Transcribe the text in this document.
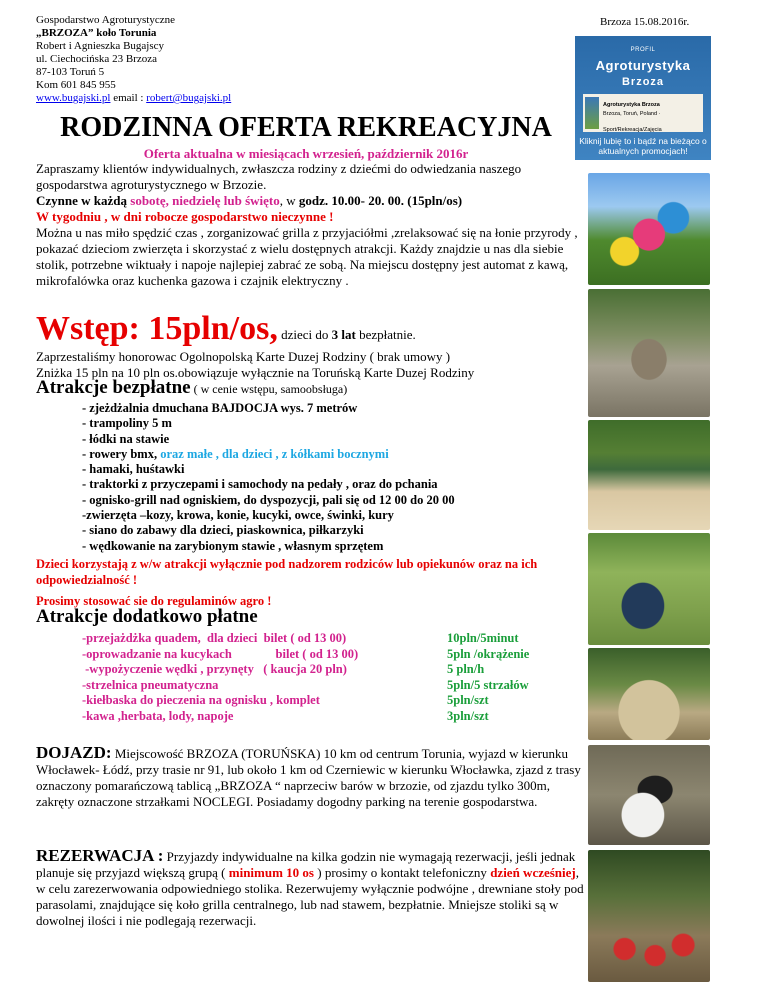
Gospodarstwo Agroturystyczne
„BRZOZA” koło Torunia
Robert i Agnieszka Bugajscy
ul. Ciechocińska 23 Brzoza
87-103 Toruń 5
Kom 601 845 955
www.bugajski.pl email : robert@bugajski.pl
Brzoza 15.08.2016r.
PROFIL
Agroturystyka
Brzoza
Agroturystyka Brzoza
Brzoza, Toruń, Poland · Sport/Rekreacja/Zajęcia
Kliknij lubię to i bądź na bieżąco o aktualnych promocjach!
RODZINNA OFERTA REKREACYJNA
Oferta aktualna w miesiącach wrzesień, październik 2016r
Zapraszamy klientów indywidualnych, zwłaszcza rodziny z dziećmi do odwiedzania naszego gospodarstwa agroturystycznego w Brzozie.
Czynne w każdą sobotę, niedzielę lub święto, w godz. 10.00- 20. 00. (15pln/os)
W tygodniu , w dni robocze gospodarstwo nieczynne !
Można u nas miło spędzić czas , zorganizować grilla z przyjaciółmi ,zrelaksować się na łonie przyrody , pokazać dzieciom zwierzęta i skorzystać z wielu dostępnych atrakcji. Każdy znajdzie u nas dla siebie stolik, potrzebne wiktuały i napoje najlepiej zabrać ze sobą. Na miejscu dostępny jest automat z kawą, mikrofalówka oraz kuchenka gazowa i czajnik elektryczny .
Wstęp: 15pln/os, dzieci do 3 lat bezpłatnie.
Zaprzestaliśmy honorowac Ogolnopolską Karte Duzej Rodziny ( brak umowy )
Zniżka 15 pln na 10 pln os.obowiązuje wyłącznie na Toruńską Karte Duzej Rodziny
Atrakcje bezpłatne ( w cenie wstępu, samoobsługa)
- zjeżdżalnia dmuchana BAJDOCJA wys. 7 metrów
- trampoliny 5 m
- łódki na stawie
- rowery bmx, oraz małe , dla dzieci , z kółkami bocznymi
- hamaki, huśtawki
- traktorki z przyczepami i samochody na pedały , oraz do pchania
- ognisko-grill nad ogniskiem, do dyspozycji, pali się od 12 00 do 20 00
-zwierzęta –kozy, krowa, konie, kucyki, owce, świnki, kury
- siano do zabawy dla dzieci, piaskownica, piłkarzyki
- wędkowanie na zarybionym stawie , własnym sprzętem
Dzieci korzystają z w/w atrakcji wyłącznie pod nadzorem rodziców lub opiekunów oraz na ich odpowiedzialność !
Prosimy stosować sie do regulaminów agro !
Atrakcje dodatkowo płatne
-przejażdżka quadem,  dla dzieci  bilet ( od 13 00)
-oprowadzanie na kucykach              bilet ( od 13 00)
-wypożyczenie wędki , przynęty   ( kaucja 20 pln)
-strzelnica pneumatyczna
-kiełbaska do pieczenia na ognisku , komplet
-kawa ,herbata, lody, napoje
10pln/5minut
5pln /okrążenie
5 pln/h
5pln/5 strzałów
5pln/szt
3pln/szt
DOJAZD: Miejscowość BRZOZA (TORUŃSKA) 10 km od centrum Torunia, wyjazd w kierunku Włocławek- Łódź, przy trasie nr 91, lub około 1 km od Czerniewic w kierunku Włocławka, zjazd z trasy oznaczony pomarańczową tablicą „BRZOZA “ naprzeciw barów w brzozie, od zjazdu tylko 300m, zakręty oznaczone strzałkami NOCLEGI. Posiadamy dogodny parking na terenie gospodarstwa.
REZERWACJA : Przyjazdy indywidualne na kilka godzin nie wymagają rezerwacji, jeśli jednak planuje się przyjazd większą grupą ( minimum 10 os ) prosimy o kontakt telefoniczny dzień wcześniej, w celu zarezerwowania odpowiedniego stolika. Rezerwujemy wyłącznie podwójne , drewniane stoły pod parasolami, znajdujące się koło grilla centralnego, lub nad stawem, bezpłatnie. Mniejsze stoliki są w dowolnej ilości i nie podlegają rezerwacji.
